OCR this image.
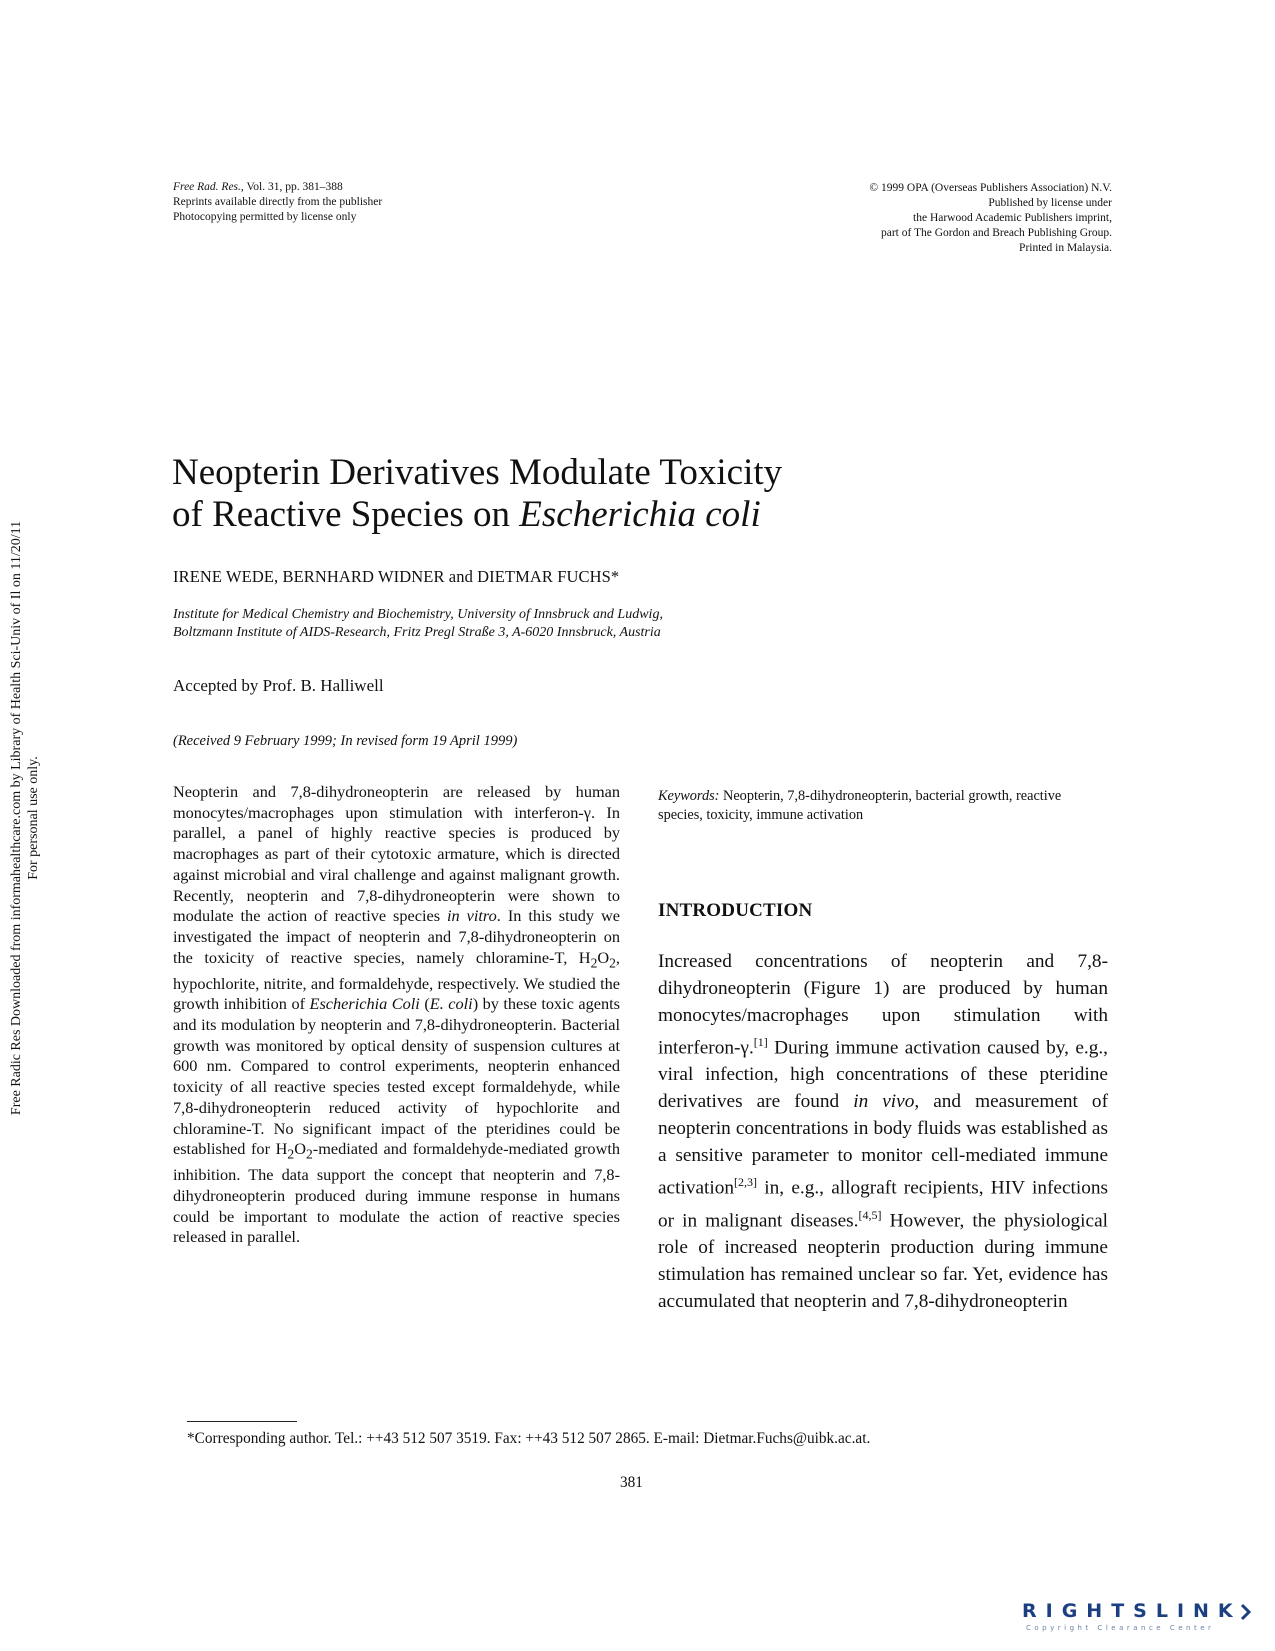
Free Rad. Res., Vol. 31, pp. 381–388
Reprints available directly from the publisher
Photocopying permitted by license only
© 1999 OPA (Overseas Publishers Association) N.V.
Published by license under
the Harwood Academic Publishers imprint,
part of The Gordon and Breach Publishing Group.
Printed in Malaysia.
Free Radic Res Downloaded from informahealthcare.com by Library of Health Sci-Univ of Il on 11/20/11 For personal use only.
Neopterin Derivatives Modulate Toxicity
of Reactive Species on Escherichia coli
IRENE WEDE, BERNHARD WIDNER and DIETMAR FUCHS*
Institute for Medical Chemistry and Biochemistry, University of Innsbruck and Ludwig,
Boltzmann Institute of AIDS-Research, Fritz Pregl Straße 3, A-6020 Innsbruck, Austria
Accepted by Prof. B. Halliwell
(Received 9 February 1999; In revised form 19 April 1999)
Neopterin and 7,8-dihydroneopterin are released by human monocytes/macrophages upon stimulation with interferon-γ. In parallel, a panel of highly reactive species is produced by macrophages as part of their cytotoxic armature, which is directed against microbial and viral challenge and against malignant growth. Recently, neopterin and 7,8-dihydroneopterin were shown to modulate the action of reactive species in vitro. In this study we investigated the impact of neopterin and 7,8-dihydroneopterin on the toxicity of reactive species, namely chloramine-T, $H_2O_2$, hypochlorite, nitrite, and formaldehyde, respectively. We studied the growth inhibition of Escherichia Coli (E. coli) by these toxic agents and its modulation by neopterin and 7,8-dihydroneopterin. Bacterial growth was monitored by optical density of suspension cultures at 600 nm. Compared to control experiments, neopterin enhanced toxicity of all reactive species tested except formaldehyde, while 7,8-dihydroneopterin reduced activity of hypochlorite and chloramine-T. No significant impact of the pteridines could be established for $H_2O_2$-mediated and formaldehyde-mediated growth inhibition. The data support the concept that neopterin and 7,8-dihydroneopterin produced during immune response in humans could be important to modulate the action of reactive species released in parallel.
Keywords: Neopterin, 7,8-dihydroneopterin, bacterial growth, reactive species, toxicity, immune activation
INTRODUCTION
Increased concentrations of neopterin and 7,8-dihydroneopterin (Figure 1) are produced by human monocytes/macrophages upon stimulation with interferon-γ.[1] During immune activation caused by, e.g., viral infection, high concentrations of these pteridine derivatives are found in vivo, and measurement of neopterin concentrations in body fluids was established as a sensitive parameter to monitor cell-mediated immune activation[2,3] in, e.g., allograft recipients, HIV infections or in malignant diseases.[4,5] However, the physiological role of increased neopterin production during immune stimulation has remained unclear so far. Yet, evidence has accumulated that neopterin and 7,8-dihydroneopterin
*Corresponding author. Tel.: ++43 512 507 3519. Fax: ++43 512 507 2865. E-mail: Dietmar.Fuchs@uibk.ac.at.
381
RIGHTSLINK
Copyright Clearance Center
